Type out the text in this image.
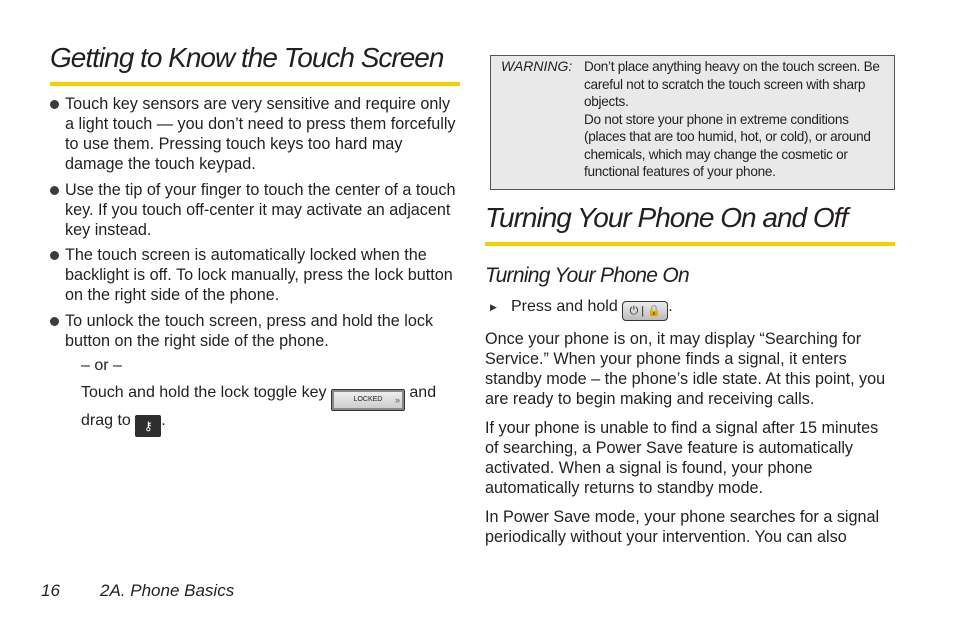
Getting to Know the Touch Screen
Touch key sensors are very sensitive and require only a light touch — you don’t need to press them forcefully to use them. Pressing touch keys too hard may damage the touch keypad.
Use the tip of your finger to touch the center of a touch key. If you touch off-center it may activate an adjacent key instead.
The touch screen is automatically locked when the backlight is off. To lock manually, press the lock button on the right side of the phone.
To unlock the touch screen, press and hold the lock button on the right side of the phone.

– or –

Touch and hold the lock toggle key	LOCKED » and drag to ⚷ .

WARNING: Don’t place anything heavy on the touch screen. Be careful not to scratch the touch screen with sharp objects.
Do not store your phone in extreme conditions (places that are too humid, hot, or cold), or around chemicals, which may change the cosmetic or functional features of your phone.
Turning Your Phone On and Off
Turning Your Phone On

▶ Press and hold ⏻ | 🔒 .

Once your phone is on, it may display “Searching for Service.” When your phone finds a signal, it enters standby mode – the phone’s idle state. At this point, you are ready to begin making and receiving calls.

If your phone is unable to find a signal after 15 minutes of searching, a Power Save feature is automatically activated. When a signal is found, your phone automatically returns to standby mode.

In Power Save mode, your phone searches for a signal periodically without your intervention. You can also

16 2A. Phone Basics
